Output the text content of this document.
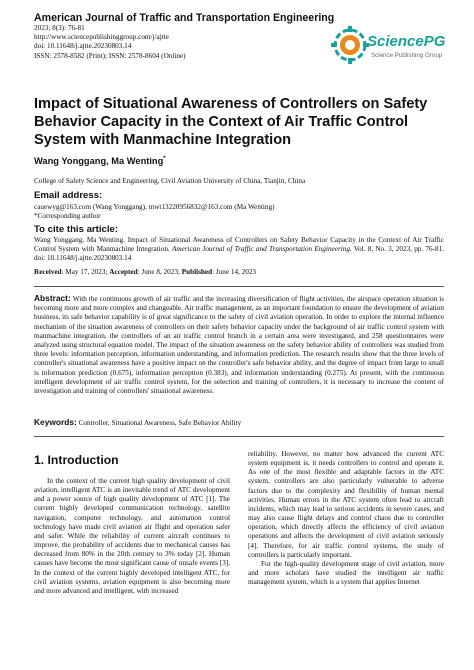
American Journal of Traffic and Transportation Engineering
2023; 8(3): 76-81
http://www.sciencepublishinggroup.com/j/ajtte
doi: 10.11648/j.ajtte.20230803.14
ISSN: 2578-8582 (Print); ISSN: 2578-8604 (Online)
SciencePG
Science Publishing Group
Impact of Situational Awareness of Controllers on Safety Behavior Capacity in the Context of Air Traffic Control System with Manmachine Integration
Wang Yonggang, Ma Wenting*
College of Safety Science and Engineering, Civil Aviation University of China, Tianjin, China
Email address:
cauewyg@163.com (Wang Yonggang), mwt13220956832@163.com (Ma Wenting)
*Corresponding author
To cite this article:
Wang Yonggang, Ma Wenting. Impact of Situational Awareness of Controllers on Safety Behavior Capacity in the Context of Air Traffic Control System with Manmachine Integration. American Journal of Traffic and Transportation Engineering. Vol. 8, No. 3, 2023, pp. 76-81. doi: 10.11648/j.ajtte.20230803.14
Received: May 17, 2023; Accepted: June 8, 2023; Published: June 14, 2023
Abstract: With the continuous growth of air traffic and the increasing diversification of flight activities, the airspace operation situation is becoming more and more complex and changeable. Air traffic management, as an important foundation to ensure the development of aviation business, its safe behavior capability is of great significance to the safety of civil aviation operation. In order to explore the internal influence mechanism of the situation awareness of controllers on their safety behavior capacity under the background of air traffic control system with manmachine integration, the controllers of an air traffic control branch in a certain area were investigated, and 258 questionnaires were analyzed using structural equation model. The impact of the situation awareness on the safety behavior ability of controllers was studied from three levels: information perception, information understanding, and information prediction. The research results show that the three levels of controller's situational awareness have a positive impact on the controller's safe behavior ability, and the degree of impact from large to small is information prediction (0.675), information perception (0.383), and information understanding (0.275). At present, with the continuous intelligent development of air traffic control system, for the selection and training of controllers, it is necessary to increase the content of investigation and training of controllers' situational awareness.
Keywords: Controller, Situational Awareness, Safe Behavior Ability
1. Introduction

In the context of the current high quality development of civil aviation, intelligent ATC is an inevitable trend of ATC development and a power source of high quality development of ATC [1]. The current highly developed communication technology, satellite navigation, computer technology, and automation control technology have made civil aviation air flight and operation safer and safer. While the reliability of current aircraft continues to improve, the probability of accidents due to mechanical causes has decreased from 80% in the 20th century to 3% today [2]. Human causes have become the most significant cause of unsafe events [3]. In the context of the current highly developed intelligent ATC, for civil aviation systems, aviation equipment is also becoming more and more advanced and intelligent, with increased

reliability. However, no matter how advanced the current ATC system equipment is, it needs controllers to control and operate it. As one of the most flexible and adaptable factors in the ATC system, controllers are also particularly vulnerable to adverse factors due to the complexity and flexibility of human mental activities. Human errors in the ATC system often lead to aircraft incidents, which may lead to serious accidents in severe cases, and may also cause flight delays and control chaos due to controller operation, which directly affects the efficiency of civil aviation operations and affects the development of civil aviation seriously [4]. Therefore, for air traffic control systems, the study of controllers is particularly important.

For the high-quality development stage of civil aviation, more and more scholars have studied the intelligent air traffic management system, which is a system that applies Internet
